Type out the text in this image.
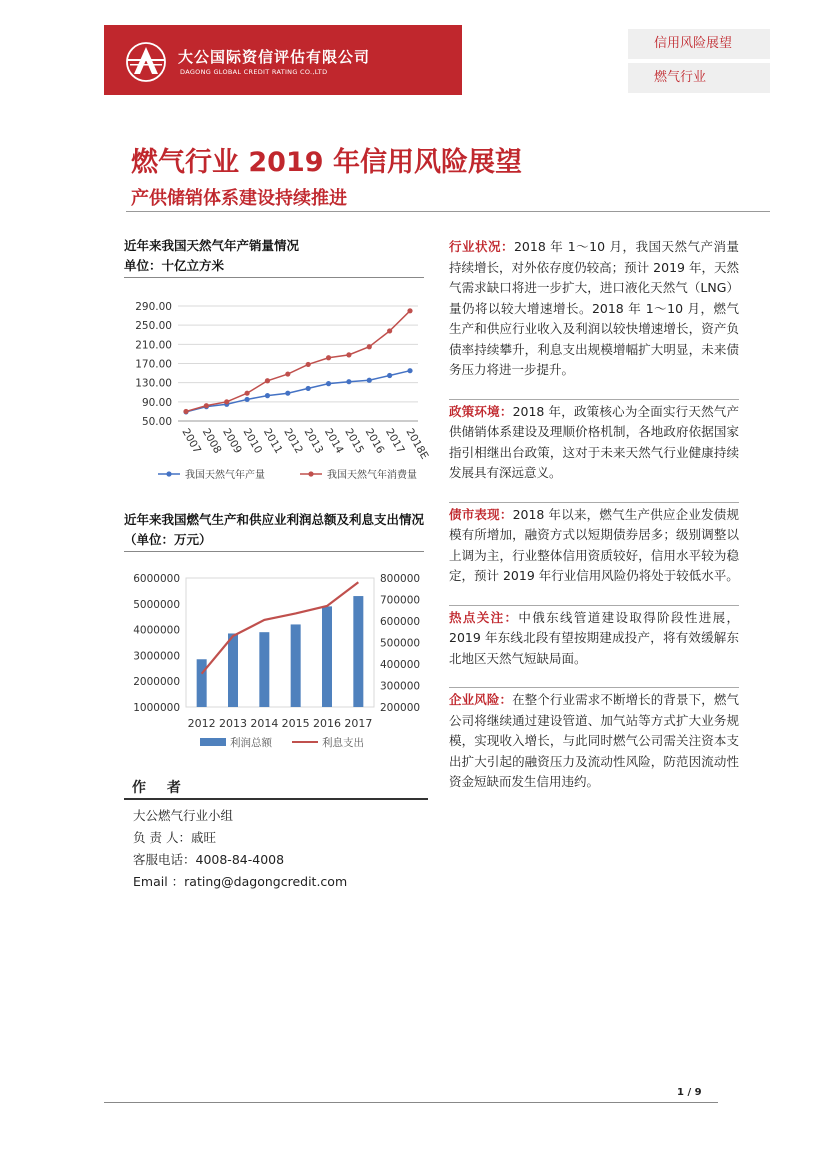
大公国际资信评估有限公司
DAGONG GLOBAL CREDIT RATING CO.,LTD
信用风险展望
燃气行业
燃气行业 2019 年信用风险展望
产供储销体系建设持续推进
近年来我国天然气年产销量情况
单位：十亿立方米
290.00
250.00
210.00
170.00
130.00
90.00
50.00
2007
2008
2009
2010
2011
2012
2013
2014
2015
2016
2017
2018E
我国天然气年产量	我国天然气年消费量
近年来我国燃气生产和供应业利润总额及利息支出情况（单位：万元）
6000000
5000000
4000000
3000000
2000000
1000000
800000
700000
600000
500000
400000
300000
200000
2012 2013 2014 2015 2016 2017
利润总额	利息支出
作 者
大公燃气行业小组
负 责 人：戚旺
客服电话：4008-84-4008
Email ：rating@dagongcredit.com
行业状况：2018 年 1～10 月，我国天然气产消量持续增长，对外依存度仍较高；预计 2019 年，天然气需求缺口将进一步扩大，进口液化天然气（LNG）量仍将以较大增速增长。2018 年 1～10 月，燃气生产和供应行业收入及利润以较快增速增长，资产负债率持续攀升，利息支出规模增幅扩大明显，未来债务压力将进一步提升。
政策环境：2018 年，政策核心为全面实行天然气产供储销体系建设及理顺价格机制，各地政府依据国家指引相继出台政策，这对于未来天然气行业健康持续发展具有深远意义。
债市表现：2018 年以来，燃气生产供应企业发债规模有所增加，融资方式以短期债券居多；级别调整以上调为主，行业整体信用资质较好，信用水平较为稳定，预计 2019 年行业信用风险仍将处于较低水平。
热点关注：中俄东线管道建设取得阶段性进展，2019 年东线北段有望按期建成投产，将有效缓解东北地区天然气短缺局面。
企业风险：在整个行业需求不断增长的背景下，燃气公司将继续通过建设管道、加气站等方式扩大业务规模，实现收入增长，与此同时燃气公司需关注资本支出扩大引起的融资压力及流动性风险，防范因流动性资金短缺而发生信用违约。
1 / 9
